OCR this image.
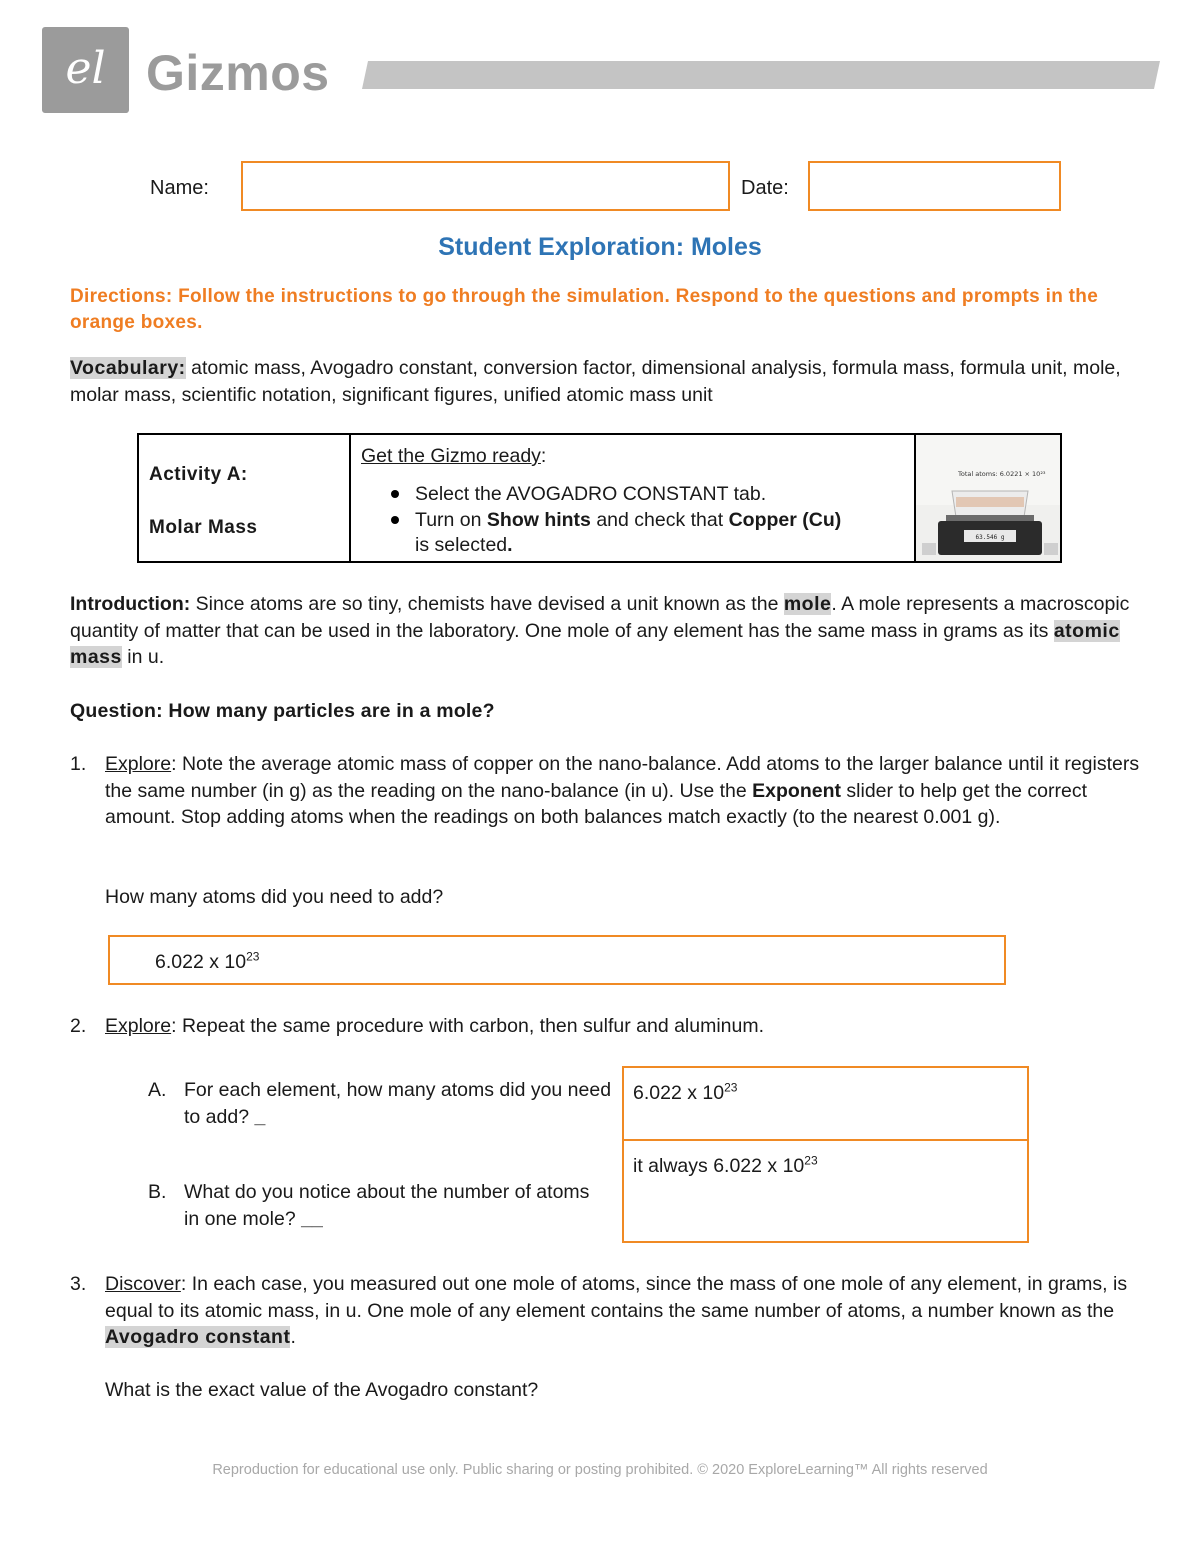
el Gizmos
Name:	Date:
Student Exploration: Moles
Directions: Follow the instructions to go through the simulation. Respond to the questions and prompts in the orange boxes.
Vocabulary: atomic mass, Avogadro constant, conversion factor, dimensional analysis, formula mass, formula unit, mole, molar mass, scientific notation, significant figures, unified atomic mass unit
Activity A:
Molar Mass
Get the Gizmo ready:
Select the AVOGADRO CONSTANT tab.
Turn on Show hints and check that Copper (Cu)
is selected.
Total atoms: 6.0221 × 10²³
63.546 g
Introduction: Since atoms are so tiny, chemists have devised a unit known as the mole. A mole represents a macroscopic quantity of matter that can be used in the laboratory. One mole of any element has the same mass in grams as its atomic mass in u.
Question: How many particles are in a mole?
1. Explore: Note the average atomic mass of copper on the nano-balance. Add atoms to the larger balance until it registers the same number (in g) as the reading on the nano-balance (in u). Use the Exponent slider to help get the correct amount. Stop adding atoms when the readings on both balances match exactly (to the nearest 0.001 g).
How many atoms did you need to add?
6.022 x $10^{23}$
2. Explore: Repeat the same procedure with carbon, then sulfur and aluminum.
A. For each element, how many atoms did you need to add? _
B. What do you notice about the number of atoms in one mole? __
6.022 x $10^{23}$
it always 6.022 x $10^{23}$
3. Discover: In each case, you measured out one mole of atoms, since the mass of one mole of any element, in grams, is equal to its atomic mass, in u. One mole of any element contains the same number of atoms, a number known as the Avogadro constant.
What is the exact value of the Avogadro constant?
Reproduction for educational use only. Public sharing or posting prohibited. © 2020 ExploreLearning™ All rights reserved
